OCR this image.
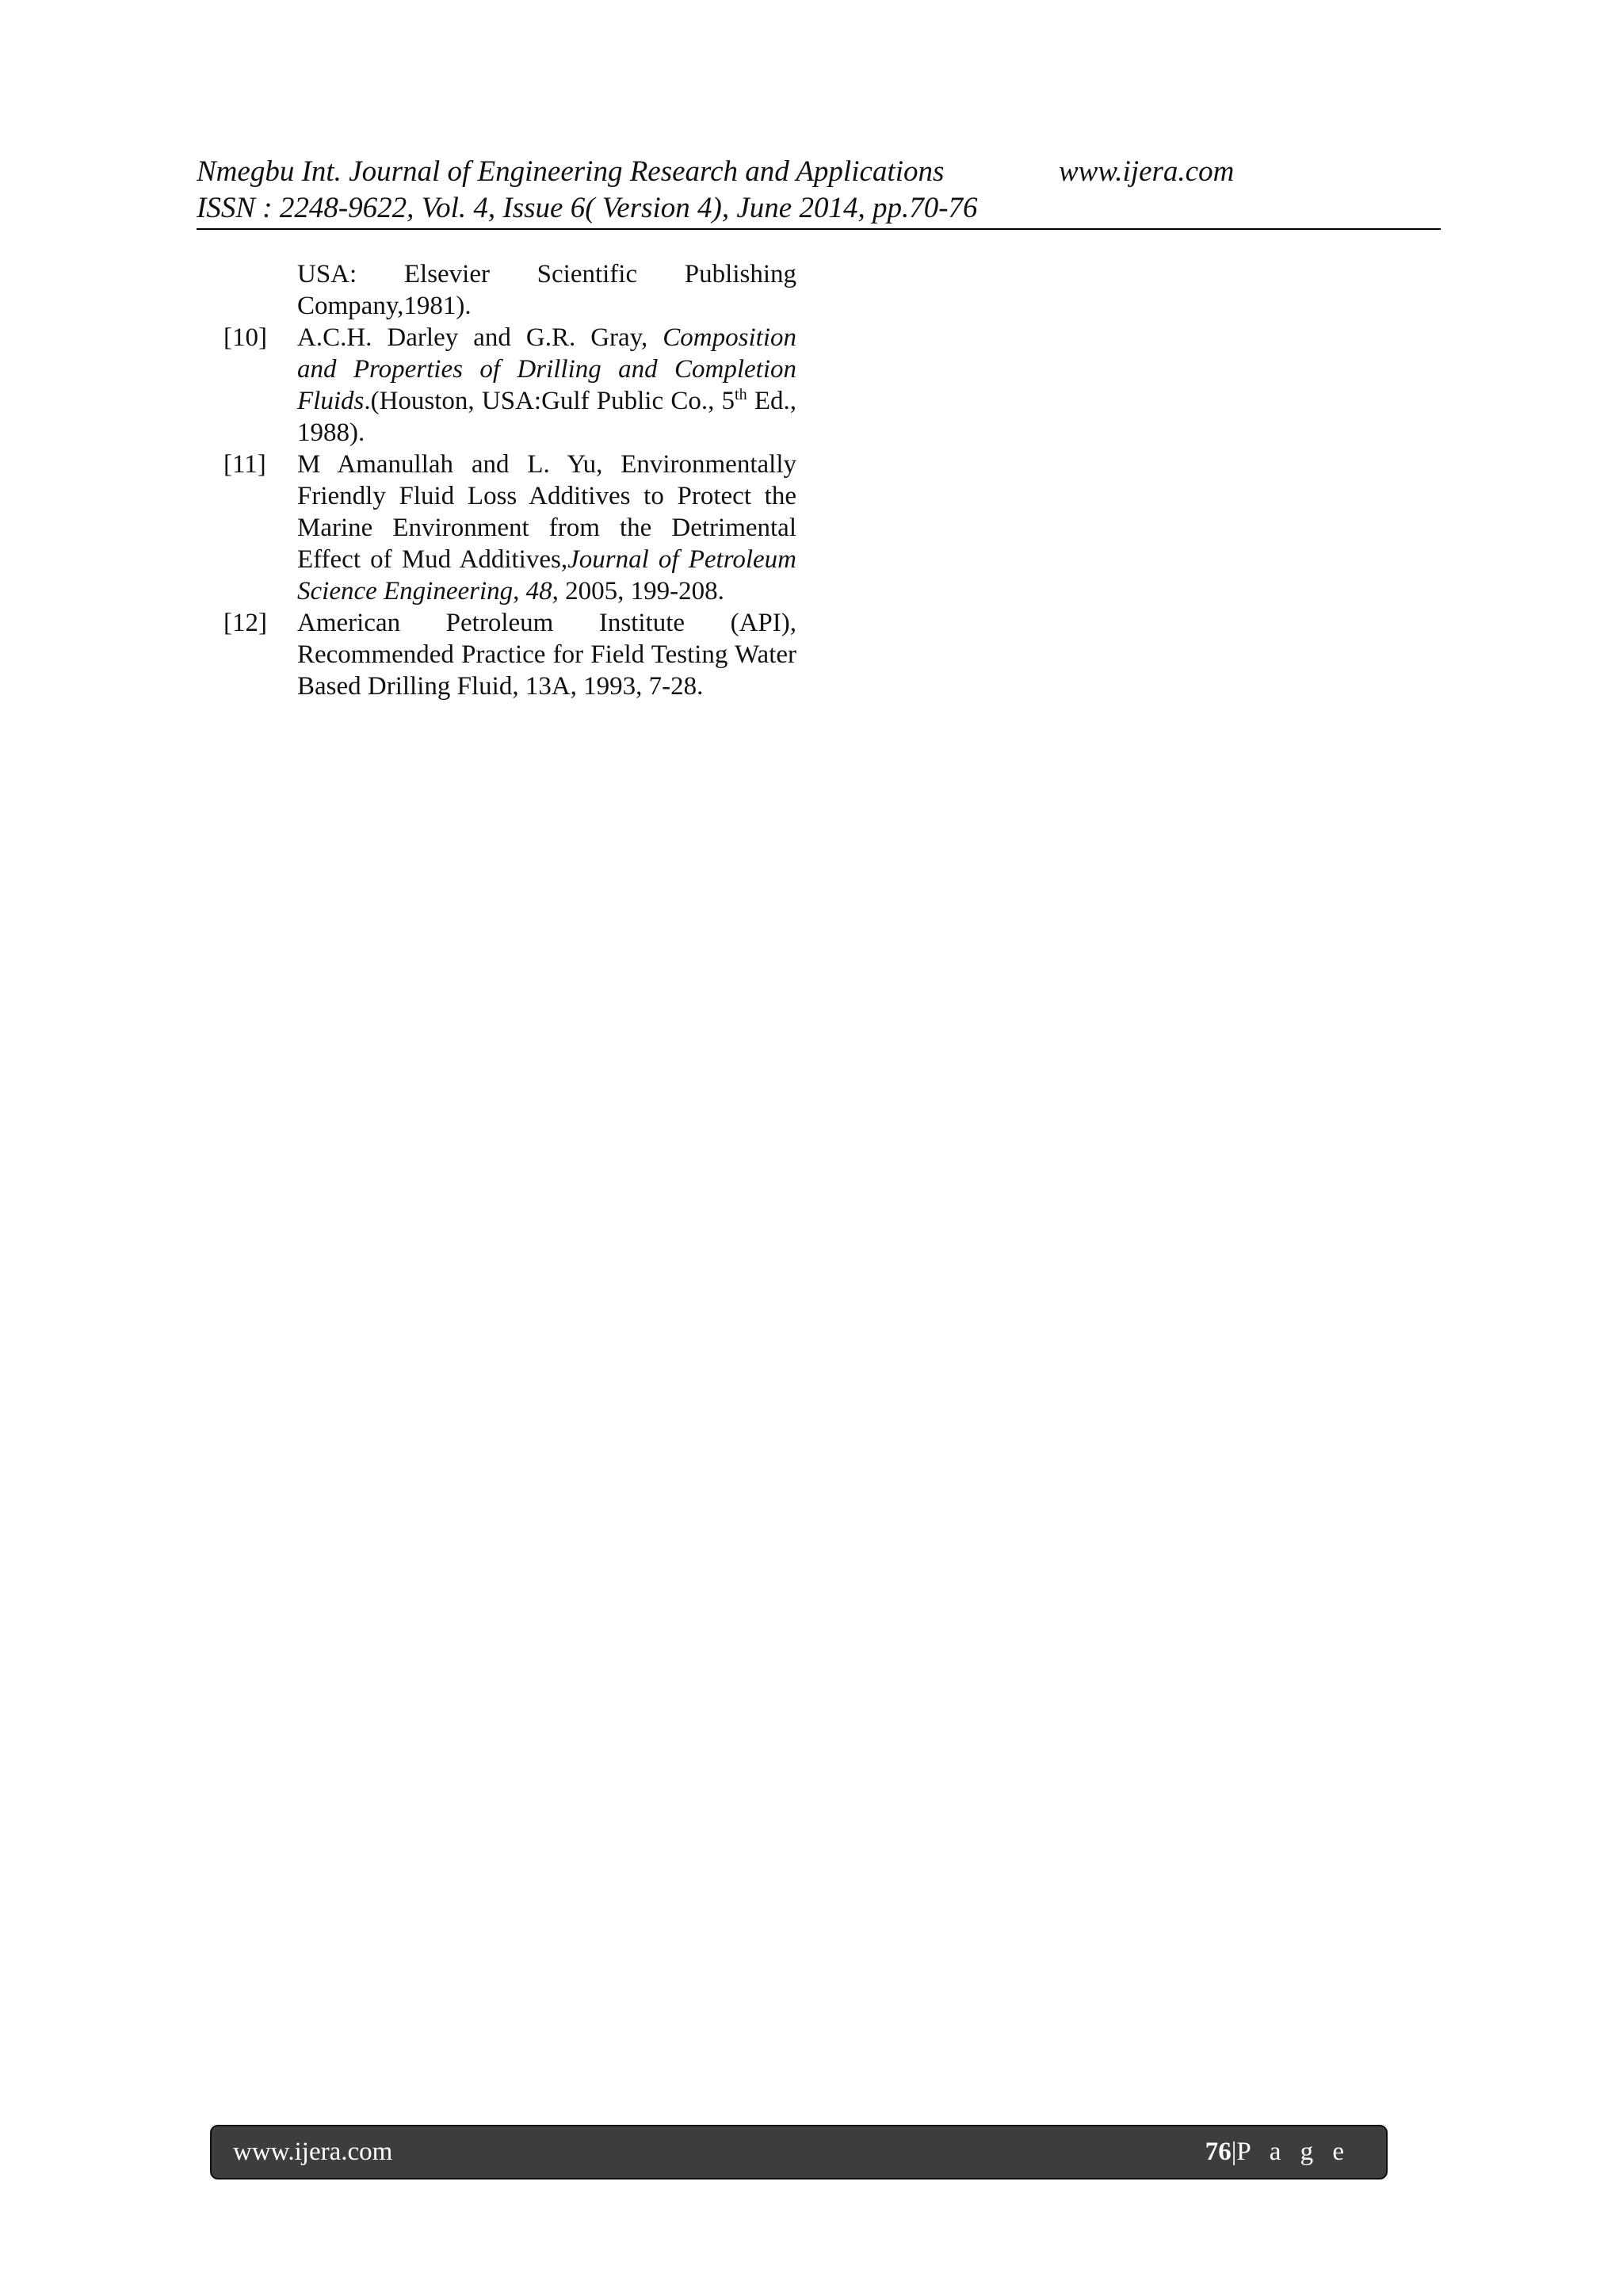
Nmegbu Int. Journal of Engineering Research and Applications	www.ijera.com
ISSN : 2248-9622, Vol. 4, Issue 6( Version 4), June 2014, pp.70-76
USA: Elsevier Scientific Publishing Company,1981).
[10]	A.C.H. Darley and G.R. Gray, Composition and Properties of Drilling and Completion Fluids.(Houston, USA:Gulf Public Co., 5th Ed., 1988).
[11]	M Amanullah and L. Yu, Environmentally Friendly Fluid Loss Additives to Protect the Marine Environment from the Detrimental Effect of Mud Additives,Journal of Petroleum Science Engineering, 48, 2005, 199-208.
[12]	American Petroleum Institute (API), Recommended Practice for Field Testing Water Based Drilling Fluid, 13A, 1993, 7-28.
www.ijera.com	76|P a g e
